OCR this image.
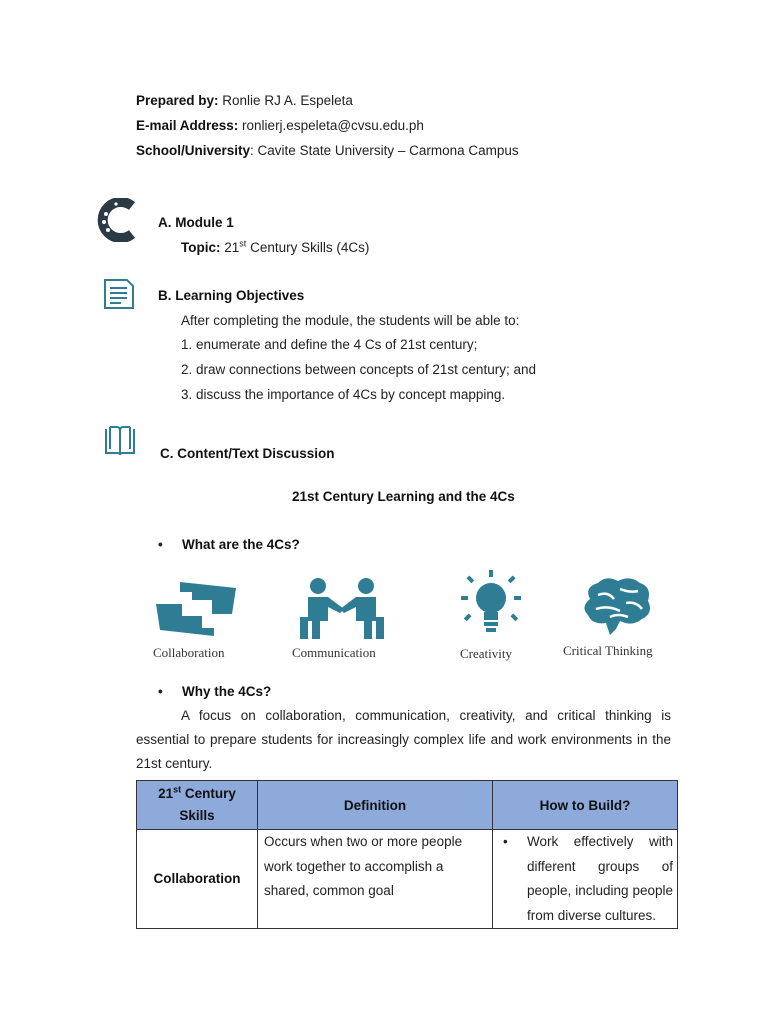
Prepared by: Ronlie RJ A. Espeleta
E-mail Address: ronlierj.espeleta@cvsu.edu.ph
School/University: Cavite State University – Carmona Campus
A. Module 1
Topic: 21st Century Skills (4Cs)
B. Learning Objectives
After completing the module, the students will be able to:
1. enumerate and define the 4 Cs of 21st century;
2. draw connections between concepts of 21st century; and
3. discuss the importance of 4Cs by concept mapping.
C. Content/Text Discussion
21st Century Learning and the 4Cs
• What are the 4Cs?
Collaboration	Communication	Creativity	Critical Thinking
• Why the 4Cs?
A focus on collaboration, communication, creativity, and critical thinking is essential to prepare students for increasingly complex life and work environments in the 21st century.
21st Century
Skills	Definition	How to Build?
Collaboration	Occurs when two or more people work together to accomplish a shared, common goal	• Work effectively with different groups of people, including people from diverse cultures.
